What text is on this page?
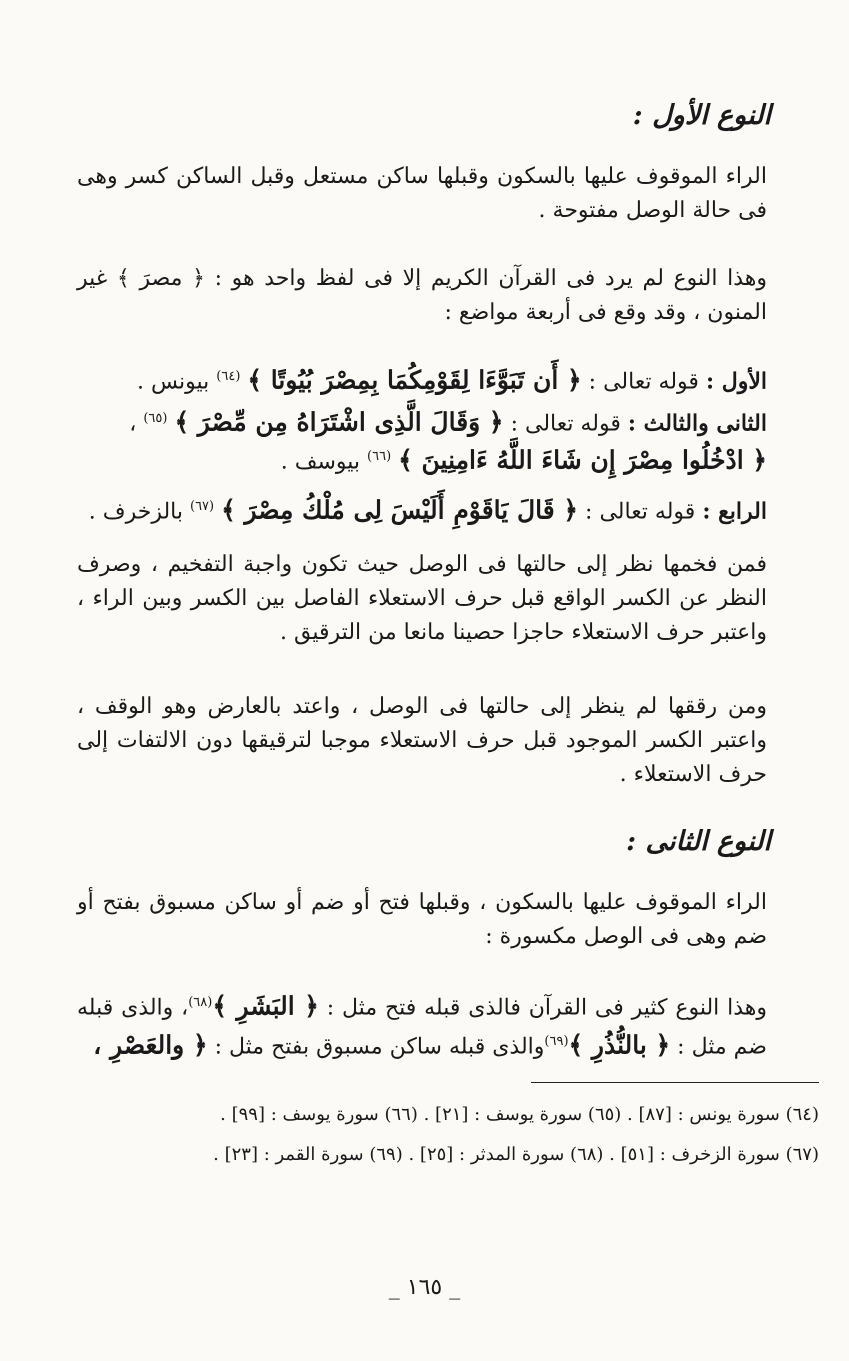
النوع الأول :
الراء الموقوف عليها بالسكون وقبلها ساكن مستعل وقبل الساكن كسر وهى فى حالة الوصل مفتوحة .
وهذا النوع لم يرد فى القرآن الكريم إلا فى لفظ واحد هو : ﴿ مصرَ ﴾ غير المنون ، وقد وقع فى أربعة مواضع :
الأول : قوله تعالى : ﴿ أَن تَبَوَّءَا لِقَوْمِكُمَا بِمِصْرَ بُيُوتًا ﴾ $^{(٦٤)}$ بيونس .
الثانى والثالث : قوله تعالى : ﴿ وَقَالَ الَّذِى اشْتَرَاهُ مِن مِّصْرَ ﴾ $^{(٦٥)}$ ،
﴿ ادْخُلُوا مِصْرَ إِن شَاءَ اللَّهُ ءَامِنِينَ ﴾ $^{(٦٦)}$ بيوسف .
الرابع : قوله تعالى : ﴿ قَالَ يَاقَوْمِ أَلَيْسَ لِى مُلْكُ مِصْرَ ﴾ $^{(٦٧)}$ بالزخرف .
فمن فخمها نظر إلى حالتها فى الوصل حيث تكون واجبة التفخيم ، وصرف النظر عن الكسر الواقع قبل حرف الاستعلاء الفاصل بين الكسر وبين الراء ، واعتبر حرف الاستعلاء حاجزا حصينا مانعا من الترقيق .
ومن رققها لم ينظر إلى حالتها فى الوصل ، واعتد بالعارض وهو الوقف ، واعتبر الكسر الموجود قبل حرف الاستعلاء موجبا لترقيقها دون الالتفات إلى حرف الاستعلاء .
النوع الثانى :
الراء الموقوف عليها بالسكون ، وقبلها فتح أو ضم أو ساكن مسبوق بفتح أو ضم وهى فى الوصل مكسورة :
وهذا النوع كثير فى القرآن فالذى قبله فتح مثل : ﴿ البَشَرِ ﴾$^{(٦٨)}$، والذى قبله ضم مثل : ﴿ بالنُّذُرِ ﴾$^{(٦٩)}$والذى قبله ساكن مسبوق بفتح مثل : ﴿ والعَصْرِ ،
(٦٤) سورة يونس : [٨٧] . (٦٥) سورة يوسف : [٢١] . (٦٦) سورة يوسف : [٩٩] .
(٦٧) سورة الزخرف : [٥١] . (٦٨) سورة المدثر : [٢٥] . (٦٩) سورة القمر : [٢٣] .
_ ١٦٥ _
